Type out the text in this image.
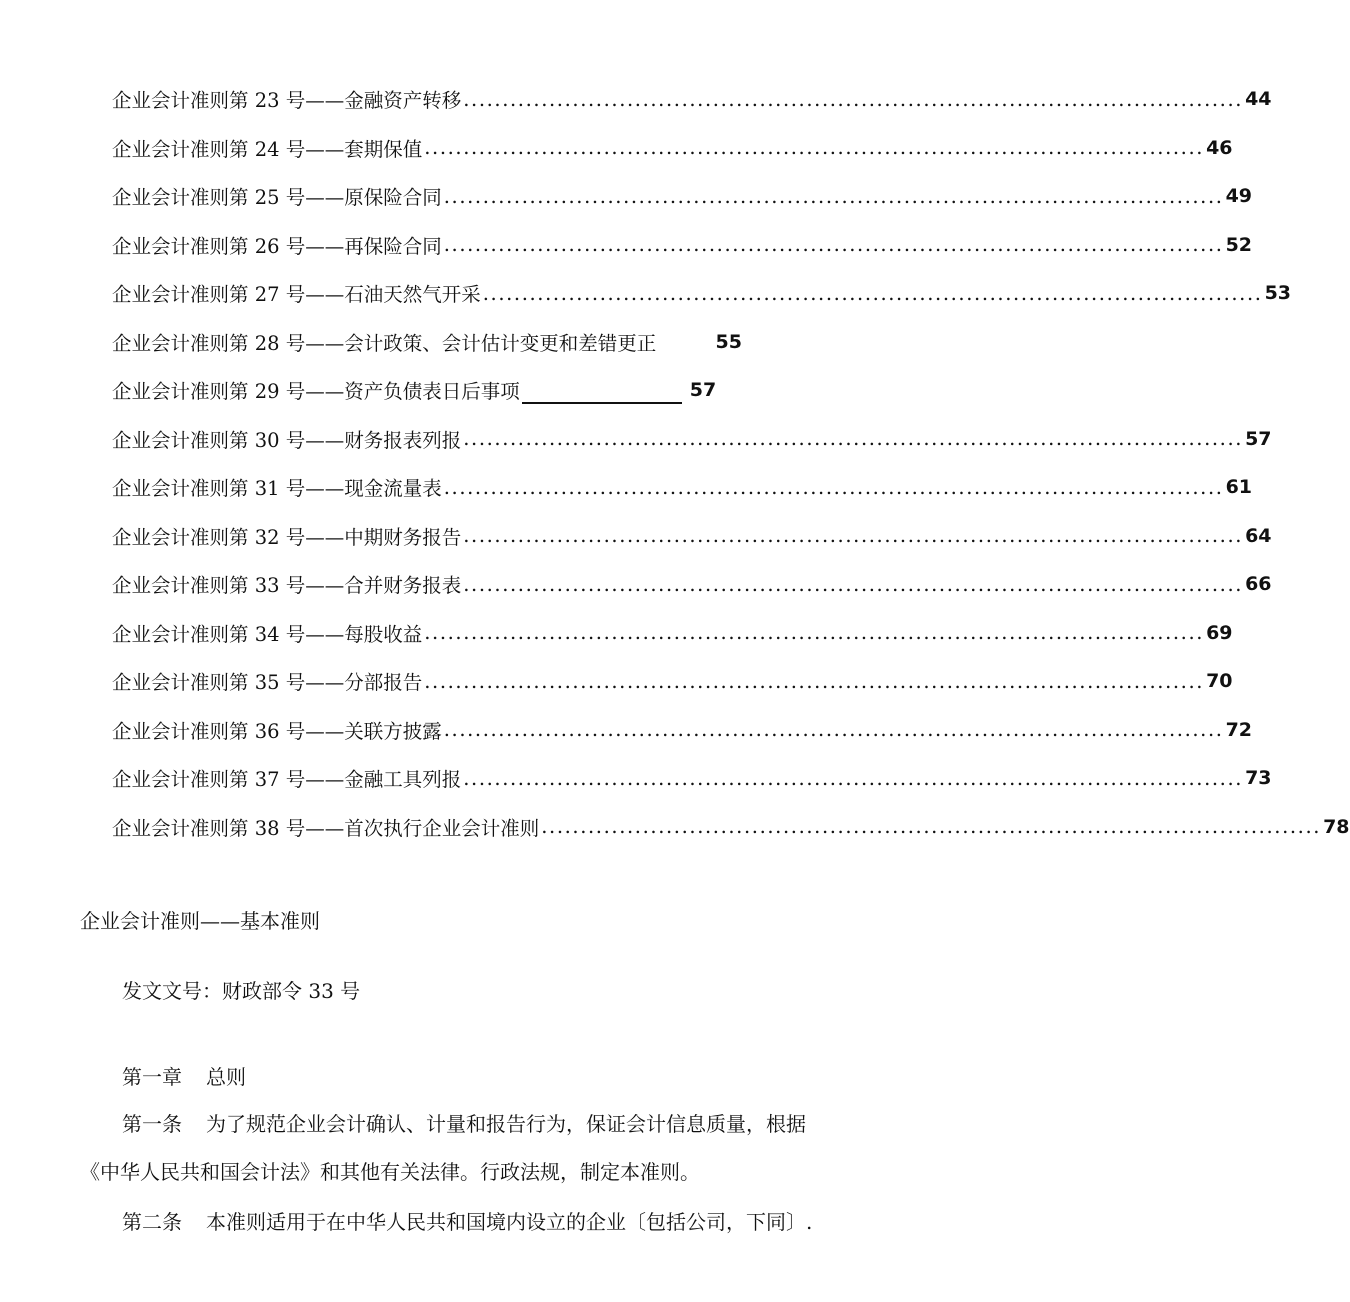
企业会计准则第 23 号——金融资产转移 .................................................................................................... 44
企业会计准则第 24 号——套期保值 .................................................................................................... 46
企业会计准则第 25 号——原保险合同 .................................................................................................... 49
企业会计准则第 26 号——再保险合同 .................................................................................................... 52
企业会计准则第 27 号——石油天然气开采 .................................................................................................... 53
企业会计准则第 28 号——会计政策、会计估计变更和差错更正	55
企业会计准则第 29 号——资产负债表日后事项	57
企业会计准则第 30 号——财务报表列报 .................................................................................................... 57
企业会计准则第 31 号——现金流量表 .................................................................................................... 61
企业会计准则第 32 号——中期财务报告 .................................................................................................... 64
企业会计准则第 33 号——合并财务报表 .................................................................................................... 66
企业会计准则第 34 号——每股收益 .................................................................................................... 69
企业会计准则第 35 号——分部报告 .................................................................................................... 70
企业会计准则第 36 号——关联方披露 .................................................................................................... 72
企业会计准则第 37 号——金融工具列报 .................................................................................................... 73
企业会计准则第 38 号——首次执行企业会计准则 .................................................................................................... 78
企业会计准则——基本准则
发文文号：财政部令 33 号
第一章 总则
第一条 为了规范企业会计确认、计量和报告行为，保证会计信息质量，根据
《中华人民共和国会计法》和其他有关法律。行政法规，制定本准则。
第二条 本准则适用于在中华人民共和国境内设立的企业〔包括公司，下同〕.
